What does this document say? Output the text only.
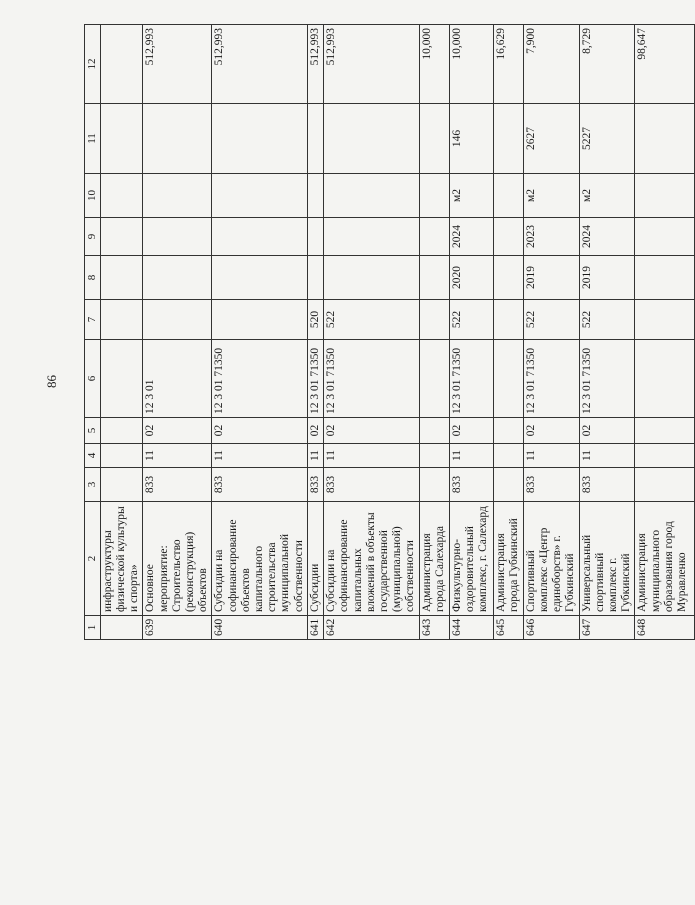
86
1	2	3	4	5	6	7	8	9	10	11	12
	инфраструктуры физической культуры и спорта»										
639	Основное мероприятие: Строительство (реконструкция) объектов	833	11	02	12 3 01						512,993
640	Субсидии на софинансирование объектов капитального строительства муниципальной собственности	833	11	02	12 3 01 71350						512,993
641	Субсидии	833	11	02	12 3 01 71350	520					512,993
642	Субсидии на софинансирование капитальных вложений в объекты государственной (муниципальной) собственности	833	11	02	12 3 01 71350	522					512,993
643	Администрация города Салехарда										10,000
644	Физкультурно-оздоровительный комплекс, г. Салехард	833	11	02	12 3 01 71350	522	2020	2024	м2	146	10,000
645	Администрация города Губкинский										16,629
646	Спортивный комплекс «Центр единоборств» г. Губкинский	833	11	02	12 3 01 71350	522	2019	2023	м2	2627	7,900
647	Универсальный спортивный комплекс г. Губкинский	833	11	02	12 3 01 71350	522	2019	2024	м2	5227	8,729
648	Администрация муниципального образования город Муравленко										98,647
